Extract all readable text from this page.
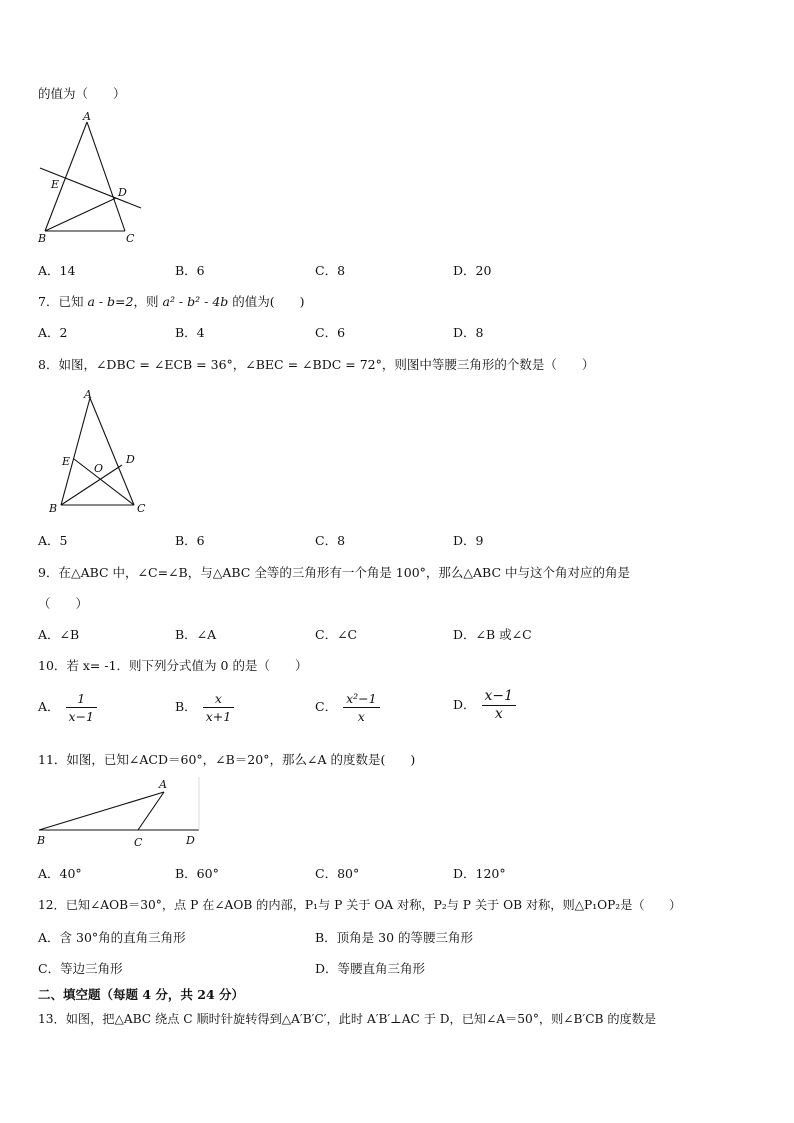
的值为（　　）
A
E
D
B	C
A．14	B．6	C．8	D．20
7．已知 a - b=2，则 a² - b² - 4b 的值为(　　)
A．2	B．4	C．6	D．8
8．如图，∠DBC = ∠ECB = 36°，∠BEC = ∠BDC = 72°，则图中等腰三角形的个数是（　　）
A
E
O
D
B	C
A．5	B．6	C．8	D．9
9．在△ABC 中，∠C=∠B，与△ABC 全等的三角形有一个角是 100°，那么△ABC 中与这个角对应的角是
（　　）
A．∠B	B．∠A	C．∠C	D．∠B 或∠C
10．若 x= -1．则下列分式值为 0 的是（　　）
A． $\frac{1}{x-1}$	B． $\frac{x}{x+1}$	C． $\frac{\text{x²−1}}{x}$	D． $\frac{x-1}{x}$
11．如图，已知∠ACD＝60°，∠B＝20°，那么∠A 的度数是(　　)
A
B	C	D
A．40°	B．60°	C．80°	D．120°
12．已知∠AOB＝30°，点 P 在∠AOB 的内部，P₁与 P 关于 OA 对称，P₂与 P 关于 OB 对称，则△P₁OP₂是（　　）
A．含 30°角的直角三角形	B．顶角是 30 的等腰三角形
C．等边三角形	D．等腰直角三角形
二、填空题（每题 4 分，共 24 分）
13．如图，把△ABC 绕点 C 顺时针旋转得到△A′B′C′，此时 A′B′⊥AC 于 D，已知∠A＝50°，则∠B′CB 的度数是
